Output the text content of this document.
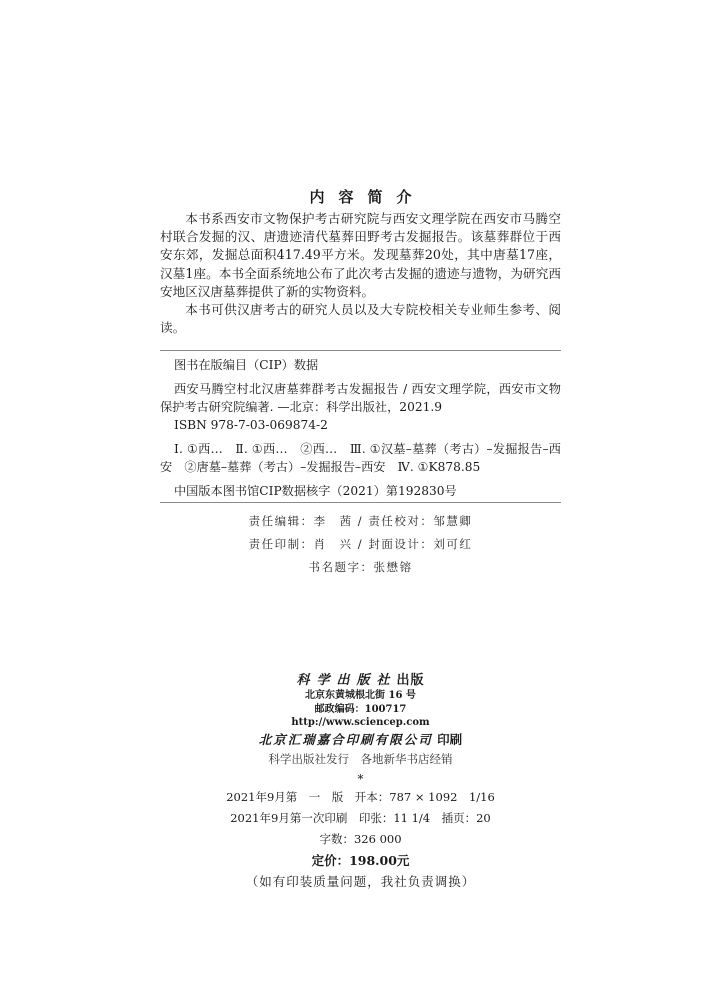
内容简介

本书系西安市文物保护考古研究院与西安文理学院在西安市马腾空村联合发掘的汉、唐遗迹清代墓葬田野考古发掘报告。该墓葬群位于西安东郊，发掘总面积417.49平方米。发现墓葬20处，其中唐墓17座，汉墓1座。本书全面系统地公布了此次考古发掘的遗迹与遗物，为研究西安地区汉唐墓葬提供了新的实物资料。

本书可供汉唐考古的研究人员以及大专院校相关专业师生参考、阅读。

图书在版编目（CIP）数据

西安马腾空村北汉唐墓葬群考古发掘报告 / 西安文理学院，西安市文物保护考古研究院编著. —北京：科学出版社，2021.9

ISBN 978-7-03-069874-2

Ⅰ. ①西…　Ⅱ. ①西…　②西…　Ⅲ. ①汉墓–墓葬（考古）–发掘报告–西安　②唐墓–墓葬（考古）–发掘报告–西安　Ⅳ. ①K878.85

中国版本图书馆CIP数据核字（2021）第192830号

责任编辑：李　茜 / 责任校对：邹慧卿
责任印制：肖　兴 / 封面设计：刘可红
书名题字：张懋镕
科学出版社出版
北京东黄城根北街 16 号
邮政编码：100717
http://www.sciencep.com
北京汇瑞嘉合印刷有限公司 印刷
科学出版社发行　各地新华书店经销
*
2021年9月第　一　版　开本：787 × 1092　1/16
2021年9月第一次印刷　印张：11 1/4　插页：20
字数：326 000
定价：198.00元
（如有印装质量问题，我社负责调换）
